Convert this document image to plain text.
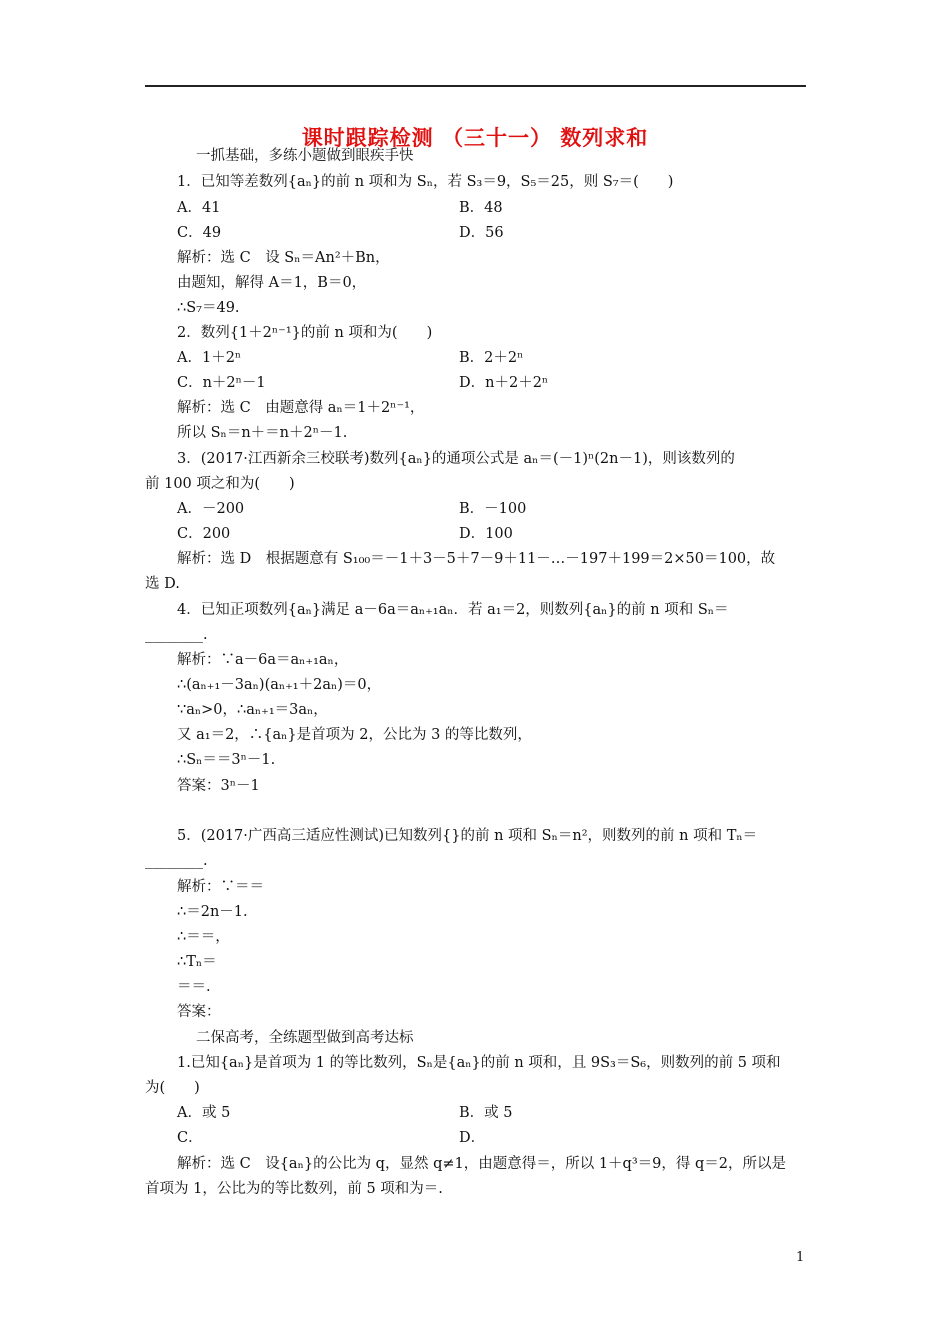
课时跟踪检测 （三十一） 数列求和
一抓基础，多练小题做到眼疾手快
1．已知等差数列{aₙ}的前 n 项和为 Sₙ，若 S₃＝9，S₅＝25，则 S₇＝(　　)
A．41	B．48
C．49	D．56
解析：选 C　设 Sₙ＝An²＋Bn，
由题知，解得 A＝1，B＝0，
∴S₇＝49.
2．数列{1＋2ⁿ⁻¹}的前 n 项和为(　　)
A．1＋2ⁿ	B．2＋2ⁿ
C．n＋2ⁿ－1	D．n＋2＋2ⁿ
解析：选 C　由题意得 aₙ＝1＋2ⁿ⁻¹，
所以 Sₙ＝n＋＝n＋2ⁿ－1.
3．(2017·江西新余三校联考)数列{aₙ}的通项公式是 aₙ＝(－1)ⁿ(2n－1)，则该数列的
前 100 项之和为(　　)
A．－200	B．－100
C．200	D．100
解析：选 D　根据题意有 S₁₀₀＝－1＋3－5＋7－9＋11－…－197＋199＝2×50＝100，故
选 D.
4．已知正项数列{aₙ}满足 a－6a＝aₙ₊₁aₙ．若 a₁＝2，则数列{aₙ}的前 n 项和 Sₙ＝
________.
解析：∵a－6a＝aₙ₊₁aₙ，
∴(aₙ₊₁－3aₙ)(aₙ₊₁＋2aₙ)＝0，
∵aₙ>0，∴aₙ₊₁＝3aₙ，
又 a₁＝2，∴{aₙ}是首项为 2，公比为 3 的等比数列，
∴Sₙ＝＝3ⁿ－1.
答案：3ⁿ－1
5．(2017·广西高三适应性测试)已知数列{}的前 n 项和 Sₙ＝n²，则数列的前 n 项和 Tₙ＝
________.
解析：∵＝＝
∴＝2n－1.
∴＝＝，
∴Tₙ＝
＝＝.
答案：
二保高考，全练题型做到高考达标
1.已知{aₙ}是首项为 1 的等比数列，Sₙ是{aₙ}的前 n 项和，且 9S₃＝S₆，则数列的前 5 项和
为(　　)
A．或 5	B．或 5
C．	D．
解析：选 C　设{aₙ}的公比为 q，显然 q≠1，由题意得＝，所以 1＋q³＝9，得 q＝2，所以是
首项为 1，公比为的等比数列，前 5 项和为＝.
1
